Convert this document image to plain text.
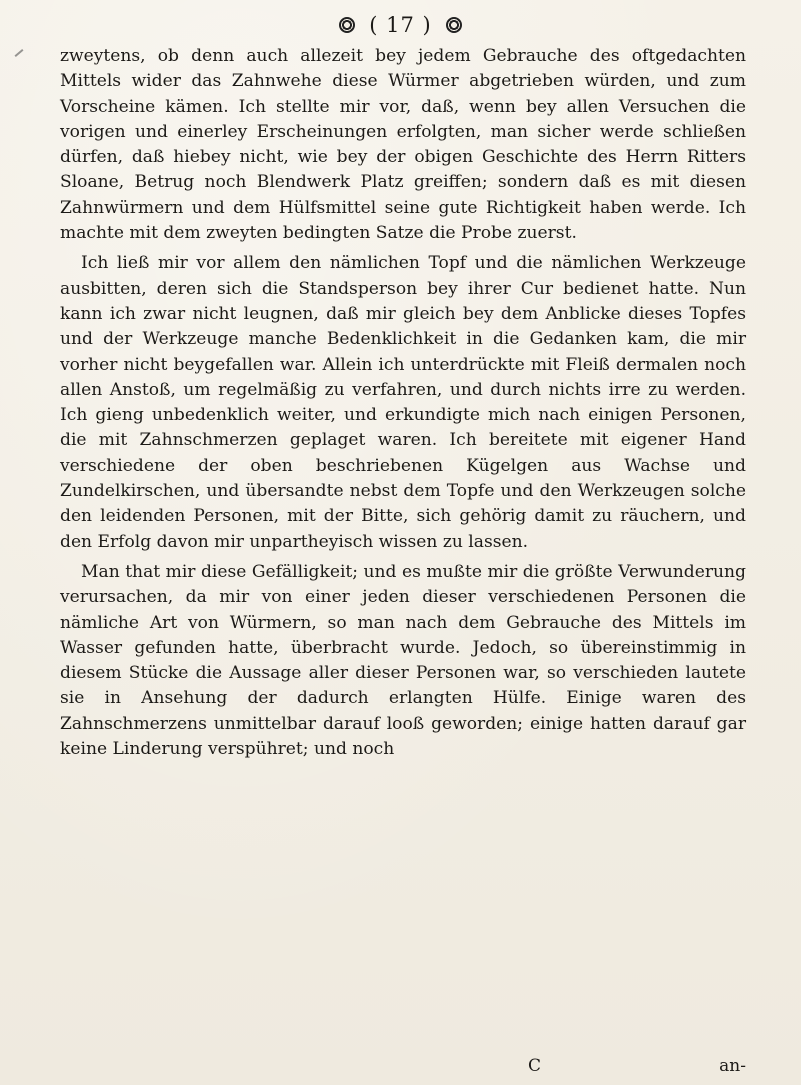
( 17 )

zweytens, ob denn auch allezeit bey jedem Gebrauche des oftgedachten Mittels wider das Zahnwehe diese Würmer abgetrieben würden, und zum Vorscheine kämen. Ich stellte mir vor, daß, wenn bey allen Versuchen die vorigen und einerley Erscheinungen erfolgten, man sicher werde schließen dürfen, daß hiebey nicht, wie bey der obigen Geschichte des Herrn Ritters Sloane, Betrug noch Blendwerk Platz greiffen; sondern daß es mit diesen Zahnwürmern und dem Hülfsmittel seine gute Richtigkeit haben werde. Ich machte mit dem zweyten bedingten Satze die Probe zuerst.

Ich ließ mir vor allem den nämlichen Topf und die nämlichen Werkzeuge ausbitten, deren sich die Standsperson bey ihrer Cur bedienet hatte. Nun kann ich zwar nicht leugnen, daß mir gleich bey dem Anblicke dieses Topfes und der Werkzeuge manche Bedenklichkeit in die Gedanken kam, die mir vorher nicht beygefallen war. Allein ich unterdrückte mit Fleiß dermalen noch allen Anstoß, um regelmäßig zu verfahren, und durch nichts irre zu werden. Ich gieng unbedenklich weiter, und erkundigte mich nach einigen Personen, die mit Zahnschmerzen geplaget waren. Ich bereitete mit eigener Hand verschiedene der oben beschriebenen Kügelgen aus Wachse und Zundelkirschen, und übersandte nebst dem Topfe und den Werkzeugen solche den leidenden Personen, mit der Bitte, sich gehörig damit zu räuchern, und den Erfolg davon mir unpartheyisch wissen zu lassen.

Man that mir diese Gefälligkeit; und es mußte mir die größte Verwunderung verursachen, da mir von einer jeden dieser verschiedenen Personen die nämliche Art von Würmern, so man nach dem Gebrauche des Mittels im Wasser gefunden hatte, überbracht wurde. Jedoch, so übereinstimmig in diesem Stücke die Aussage aller dieser Personen war, so verschieden lautete sie in Ansehung der dadurch erlangten Hülfe. Einige waren des Zahnschmerzens unmittelbar darauf looß geworden; einige hatten darauf gar keine Linderung verspühret; und noch

C	an-
